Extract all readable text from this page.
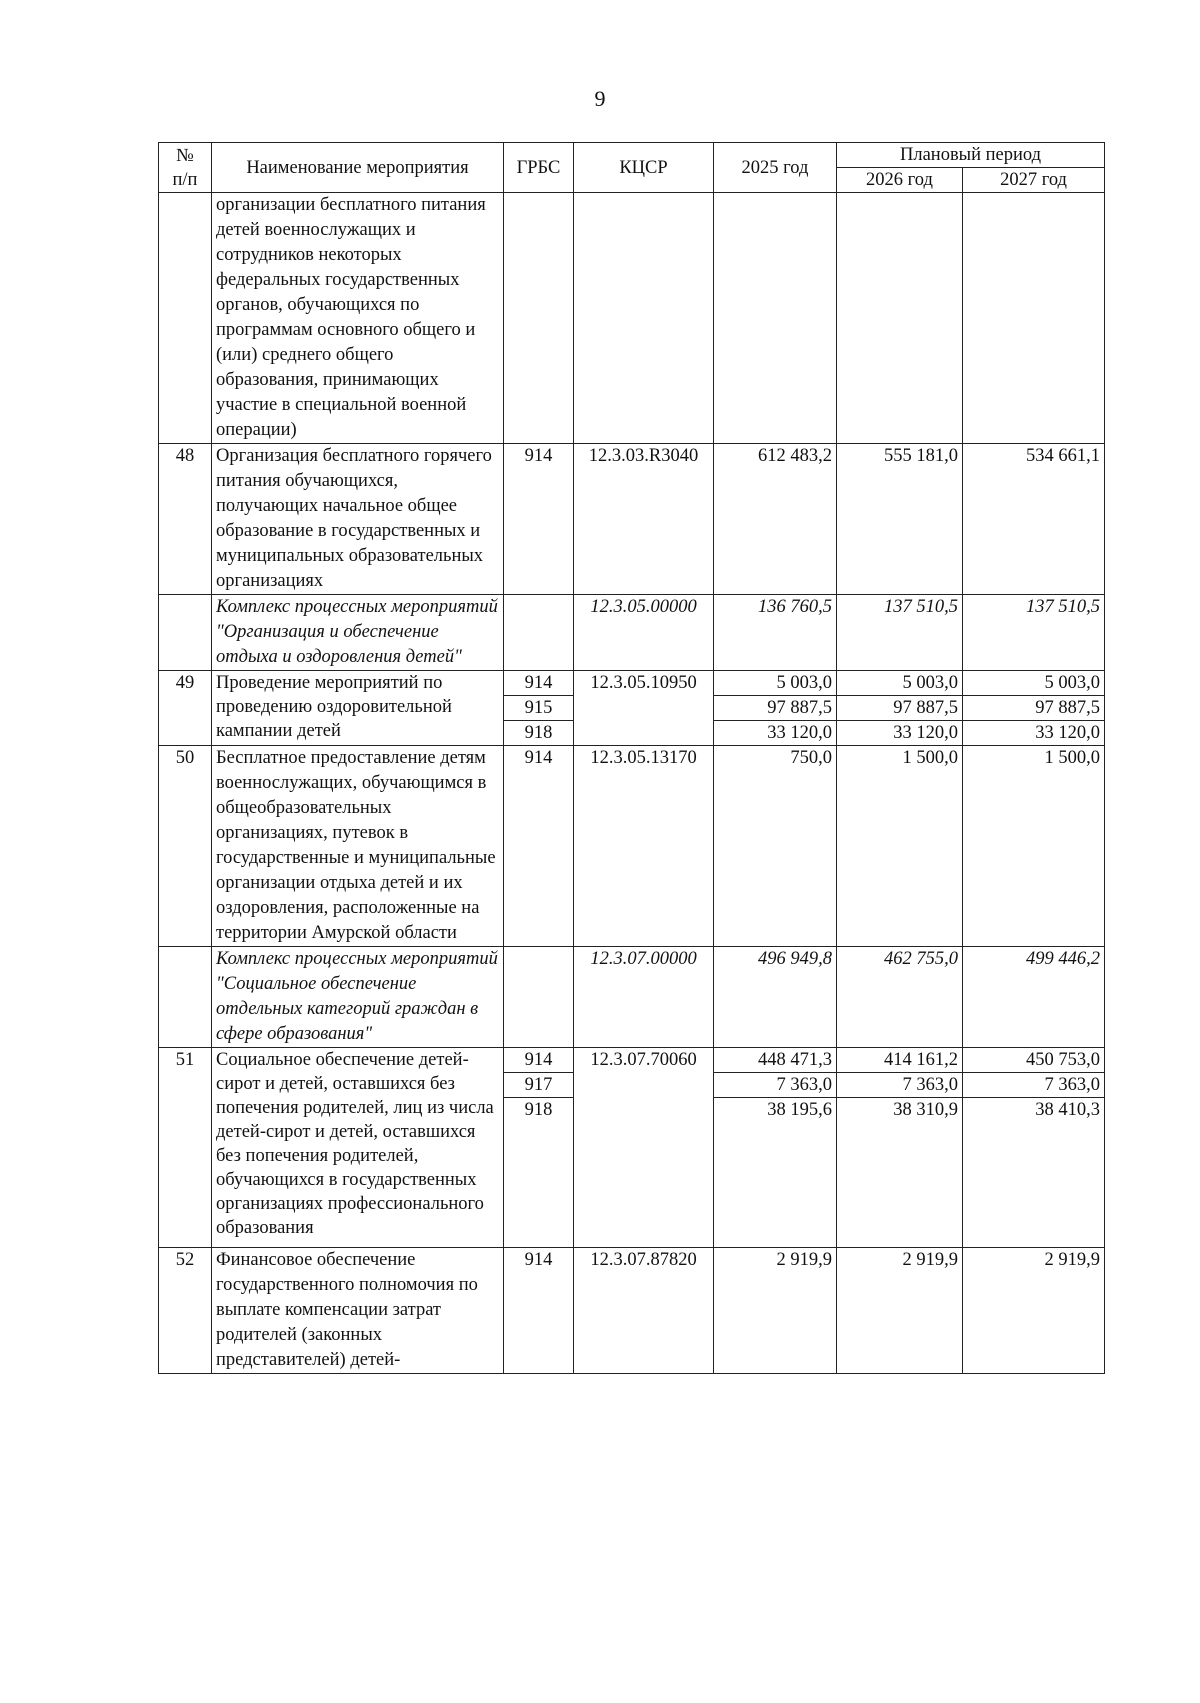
9
№
п/п	Наименование мероприятия	ГРБС	КЦСР	2025 год	Плановый период	
					2026 год	2027 год
	организации бесплатного питания детей военнослужащих и сотрудников некоторых федеральных государственных органов, обучающихся по программам основного общего и (или) среднего общего образования, принимающих участие в специальной военной операции)					
48	Организация бесплатного горячего питания обучающихся, получающих начальное общее образование в государственных и муниципальных образовательных организациях	914	12.3.03.R3040	612 483,2	555 181,0	534 661,1
	Комплекс процессных мероприятий "Организация и обеспечение отдыха и оздоровления детей"		12.3.05.00000	136 760,5	137 510,5	137 510,5
49	Проведение мероприятий по проведению оздоровительной кампании детей	914	12.3.05.10950	5 003,0	5 003,0	5 003,0
		915		97 887,5	97 887,5	97 887,5
		918		33 120,0	33 120,0	33 120,0
50	Бесплатное предоставление детям военнослужащих, обучающимся в общеобразовательных организациях, путевок в государственные и муниципальные организации отдыха детей и их оздоровления, расположенные на территории Амурской области	914	12.3.05.13170	750,0	1 500,0	1 500,0
	Комплекс процессных мероприятий "Социальное обеспечение отдельных категорий граждан в сфере образования"		12.3.07.00000	496 949,8	462 755,0	499 446,2
51	Социальное обеспечение детей-сирот и детей, оставшихся без попечения родителей, лиц из числа детей-сирот и детей, оставшихся без попечения родителей, обучающихся в государственных организациях профессионального образования	914	12.3.07.70060	448 471,3	414 161,2	450 753,0
		917		7 363,0	7 363,0	7 363,0
		918		38 195,6	38 310,9	38 410,3
52	Финансовое обеспечение государственного полномочия по выплате компенсации затрат родителей (законных представителей) детей-	914	12.3.07.87820	2 919,9	2 919,9	2 919,9
